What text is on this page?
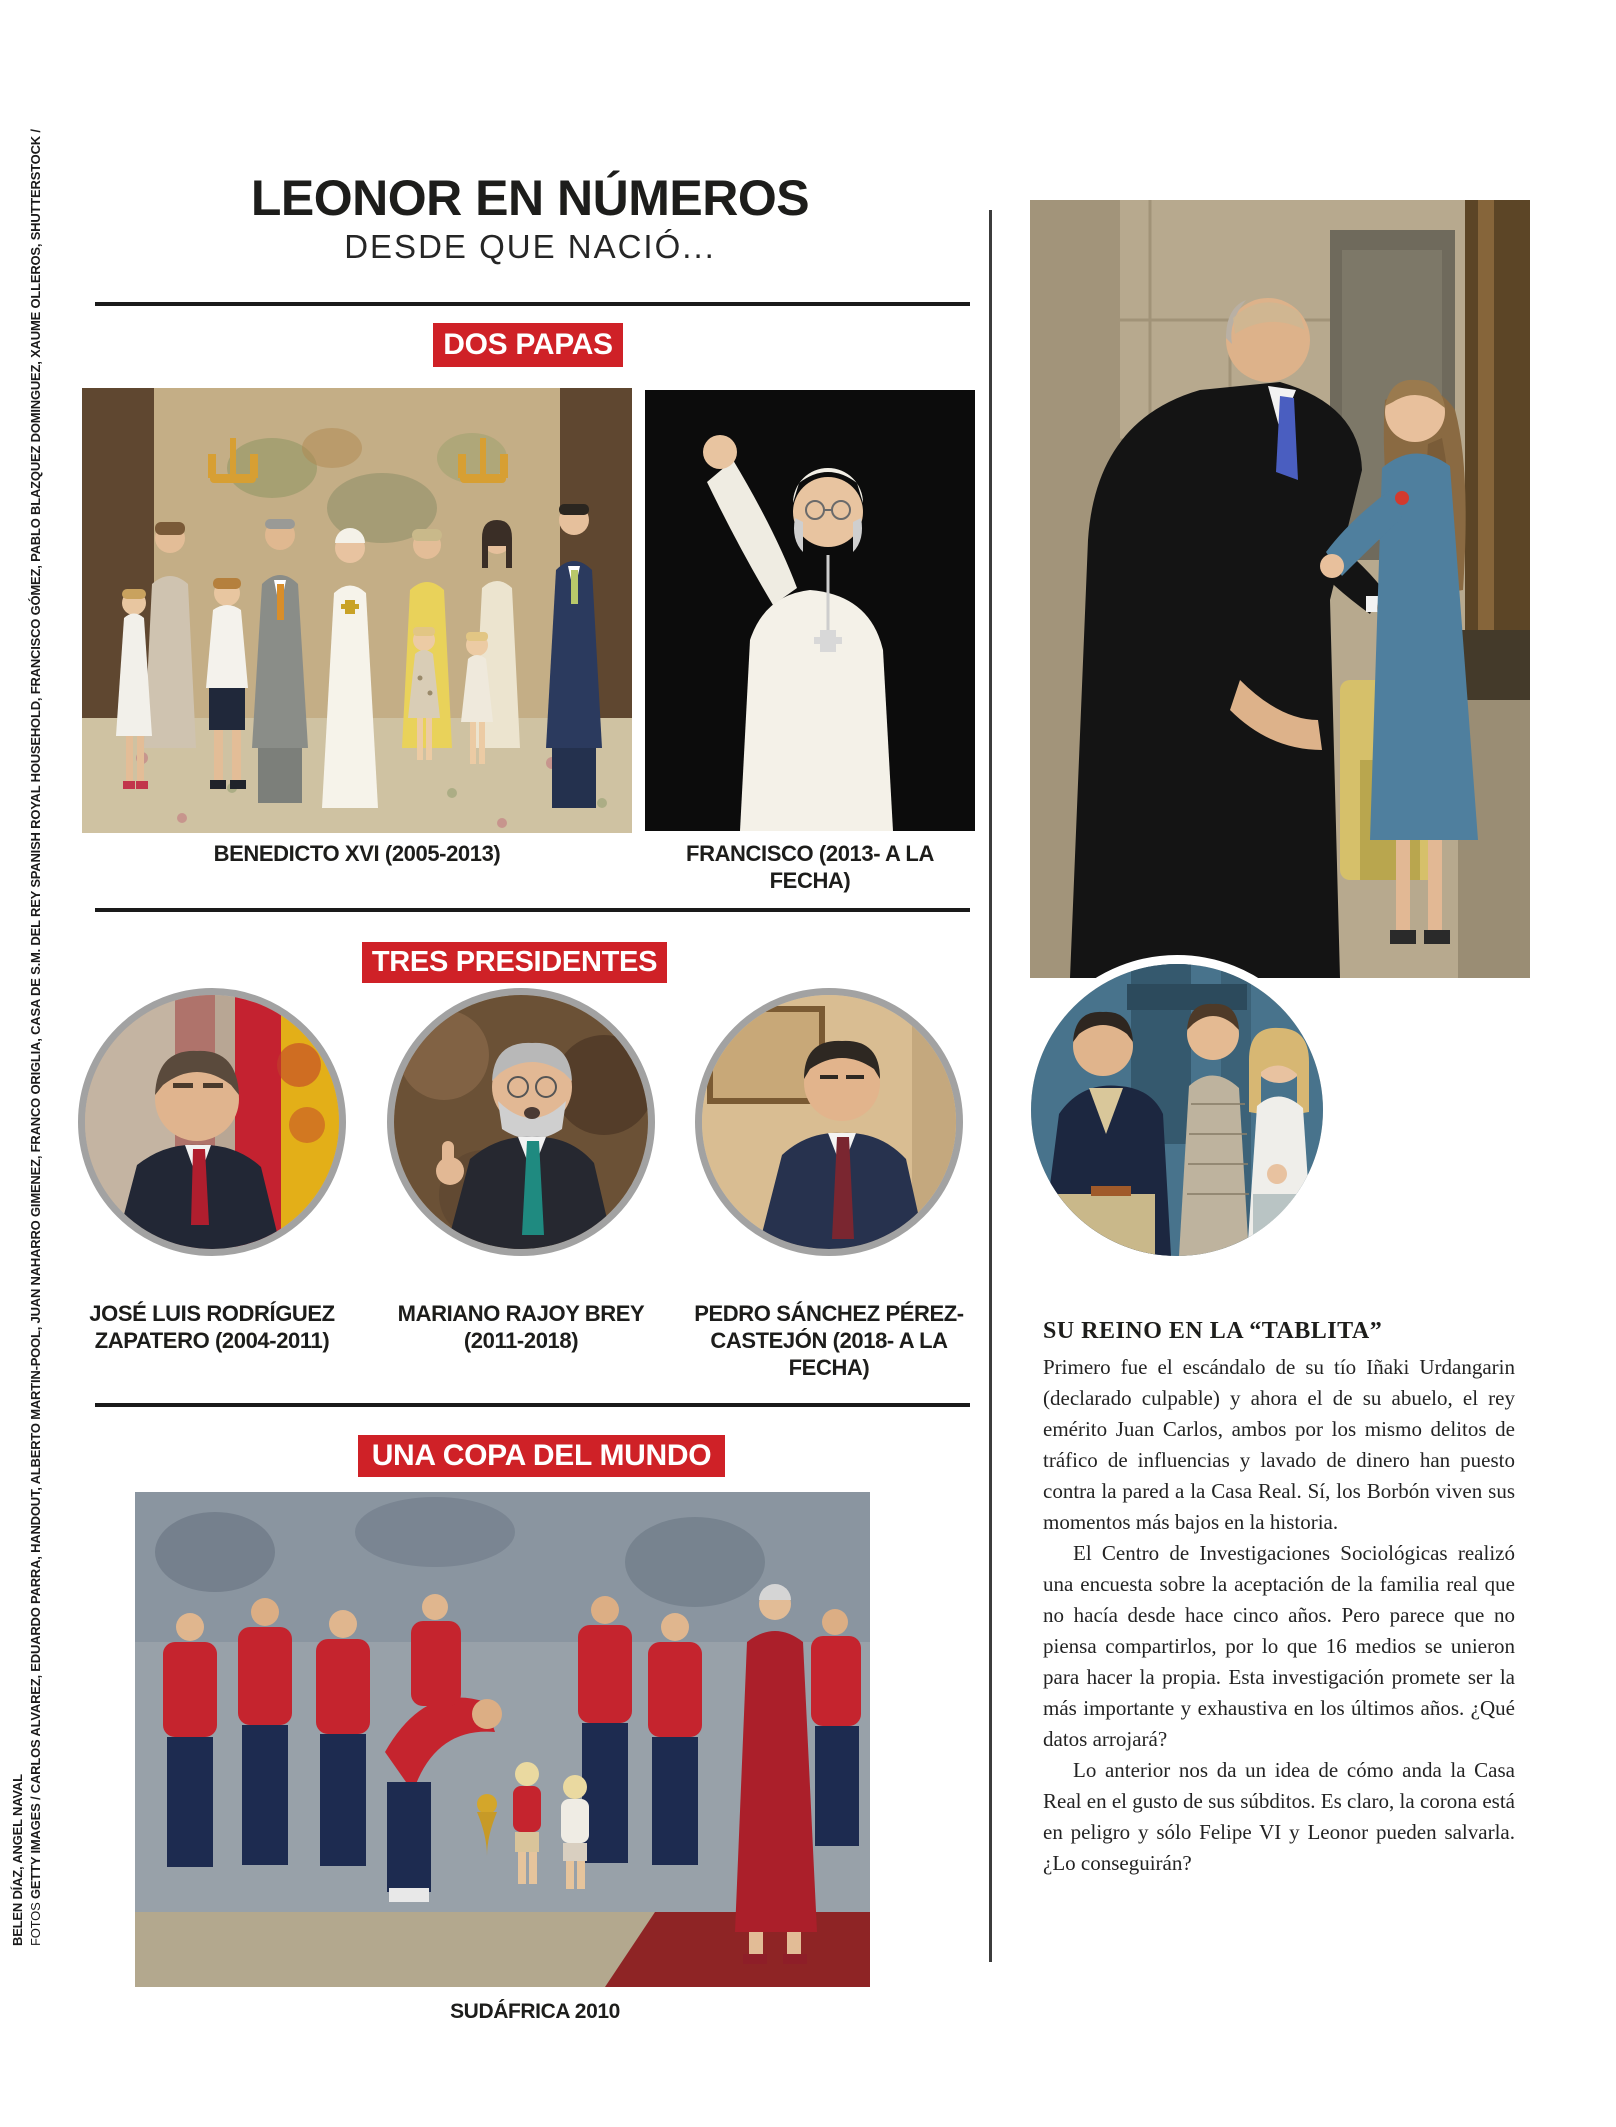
FOTOS GETTY IMAGES / CARLOS ALVAREZ, EDUARDO PARRA, HANDOUT, ALBERTO MARTIN-POOL, JUAN NAHARRO GIMENEZ, FRANCO ORIGLIA, CASA DE S.M. DEL REY SPANISH ROYAL HOUSEHOLD, FRANCISCO GÓMEZ, PABLO BLAZQUEZ DOMINGUEZ, XAUME OLLEROS, SHUTTERSTOCK /
BELEN DÍAZ, ANGEL NAVAL
LEONOR EN NÚMEROS
DESDE QUE NACIÓ...
DOS PAPAS
BENEDICTO XVI (2005-2013)	FRANCISCO (2013- A LA FECHA)
TRES PRESIDENTES
JOSÉ LUIS RODRÍGUEZ
ZAPATERO (2004-2011)
MARIANO RAJOY BREY
(2011-2018)
PEDRO SÁNCHEZ PÉREZ-
CASTEJÓN (2018- A LA FECHA)
UNA COPA DEL MUNDO
SUDÁFRICA 2010
SU REINO EN LA “TABLITA”

Primero fue el escándalo de su tío Iñaki Urdangarin (declarado culpable) y ahora el de su abuelo, el rey emérito Juan Carlos, ambos por los mismo delitos de tráfico de influencias y lavado de dinero han puesto contra la pared a la Casa Real. Sí, los Borbón viven sus momentos más bajos en la historia.

El Centro de Investigaciones Sociológicas realizó una encuesta sobre la aceptación de la familia real que no hacía desde hace cinco años. Pero parece que no piensa compartirlos, por lo que 16 medios se unieron para hacer la propia. Esta investigación promete ser la más importante y exhaustiva en los últimos años. ¿Qué datos arrojará?

Lo anterior nos da un idea de cómo anda la Casa Real en el gusto de sus súbditos. Es claro, la corona está en peligro y sólo Felipe VI y Leonor pueden salvarla. ¿Lo conseguirán?
